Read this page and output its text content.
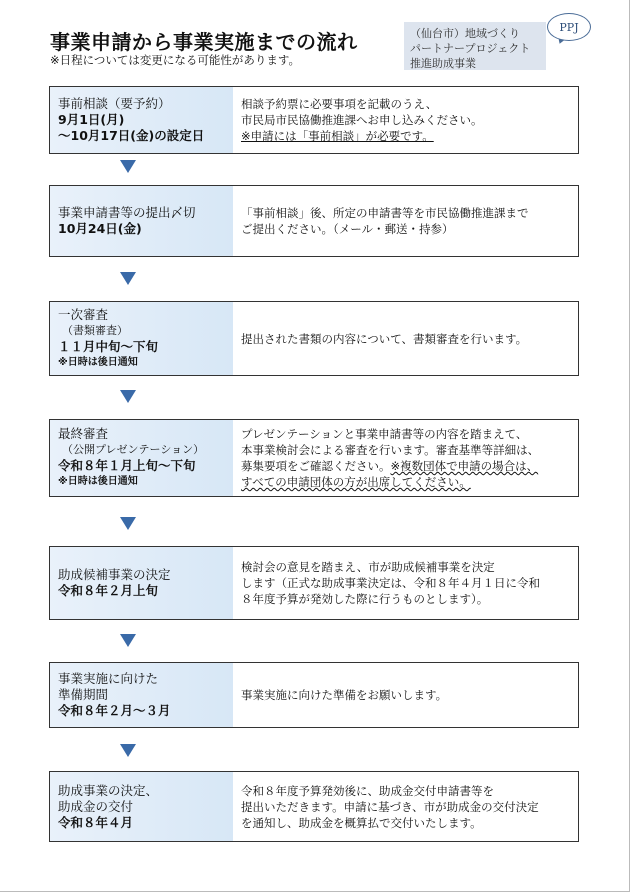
事業申請から事業実施までの流れ
※日程については変更になる可能性があります。
（仙台市）地域づくり
パートナープロジェクト
推進助成事業
PPJ
事前相談（要予約）
9月1日(月)
～10月17日(金)の設定日
相談予約票に必要事項を記載のうえ、
市民局市民協働推進課へお申し込みください。
※申請には「事前相談」が必要です。
事業申請書等の提出〆切
10月24日(金)
「事前相談」後、所定の申請書等を市民協働推進課まで
ご提出ください。（メール・郵送・持参）
一次審査
（書類審査）
１１月中旬～下旬
※日時は後日通知
提出された書類の内容について、書類審査を行います。
最終審査
（公開プレゼンテーション）
令和８年１月上旬～下旬
※日時は後日通知
プレゼンテーションと事業申請書等の内容を踏まえて、
本事業検討会による審査を行います。審査基準等詳細は、
募集要項をご確認ください。※複数団体で申請の場合は、
すべての申請団体の方が出席してください。
助成候補事業の決定
令和８年２月上旬
検討会の意見を踏まえ、市が助成候補事業を決定
します（正式な助成事業決定は、令和８年４月１日に令和
８年度予算が発効した際に行うものとします）。
事業実施に向けた
準備期間
令和８年２月～３月
事業実施に向けた準備をお願いします。
助成事業の決定、
助成金の交付
令和８年４月
令和８年度予算発効後に、助成金交付申請書等を
提出いただきます。申請に基づき、市が助成金の交付決定
を通知し、助成金を概算払で交付いたします。
